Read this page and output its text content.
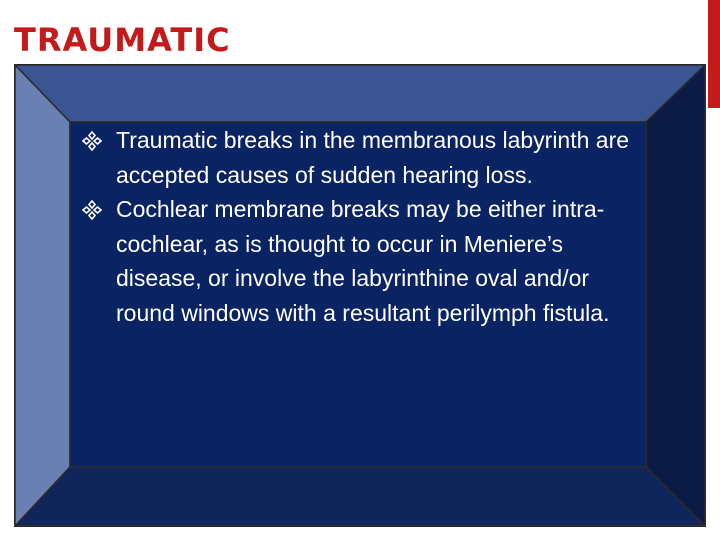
TRAUMATIC
Traumatic breaks in the membranous labyrinth are accepted causes of sudden hearing loss.
Cochlear membrane breaks may be either intra-cochlear, as is thought to occur in Meniere’s disease, or involve the labyrinthine oval and/or round windows with a resultant perilymph fistula.
